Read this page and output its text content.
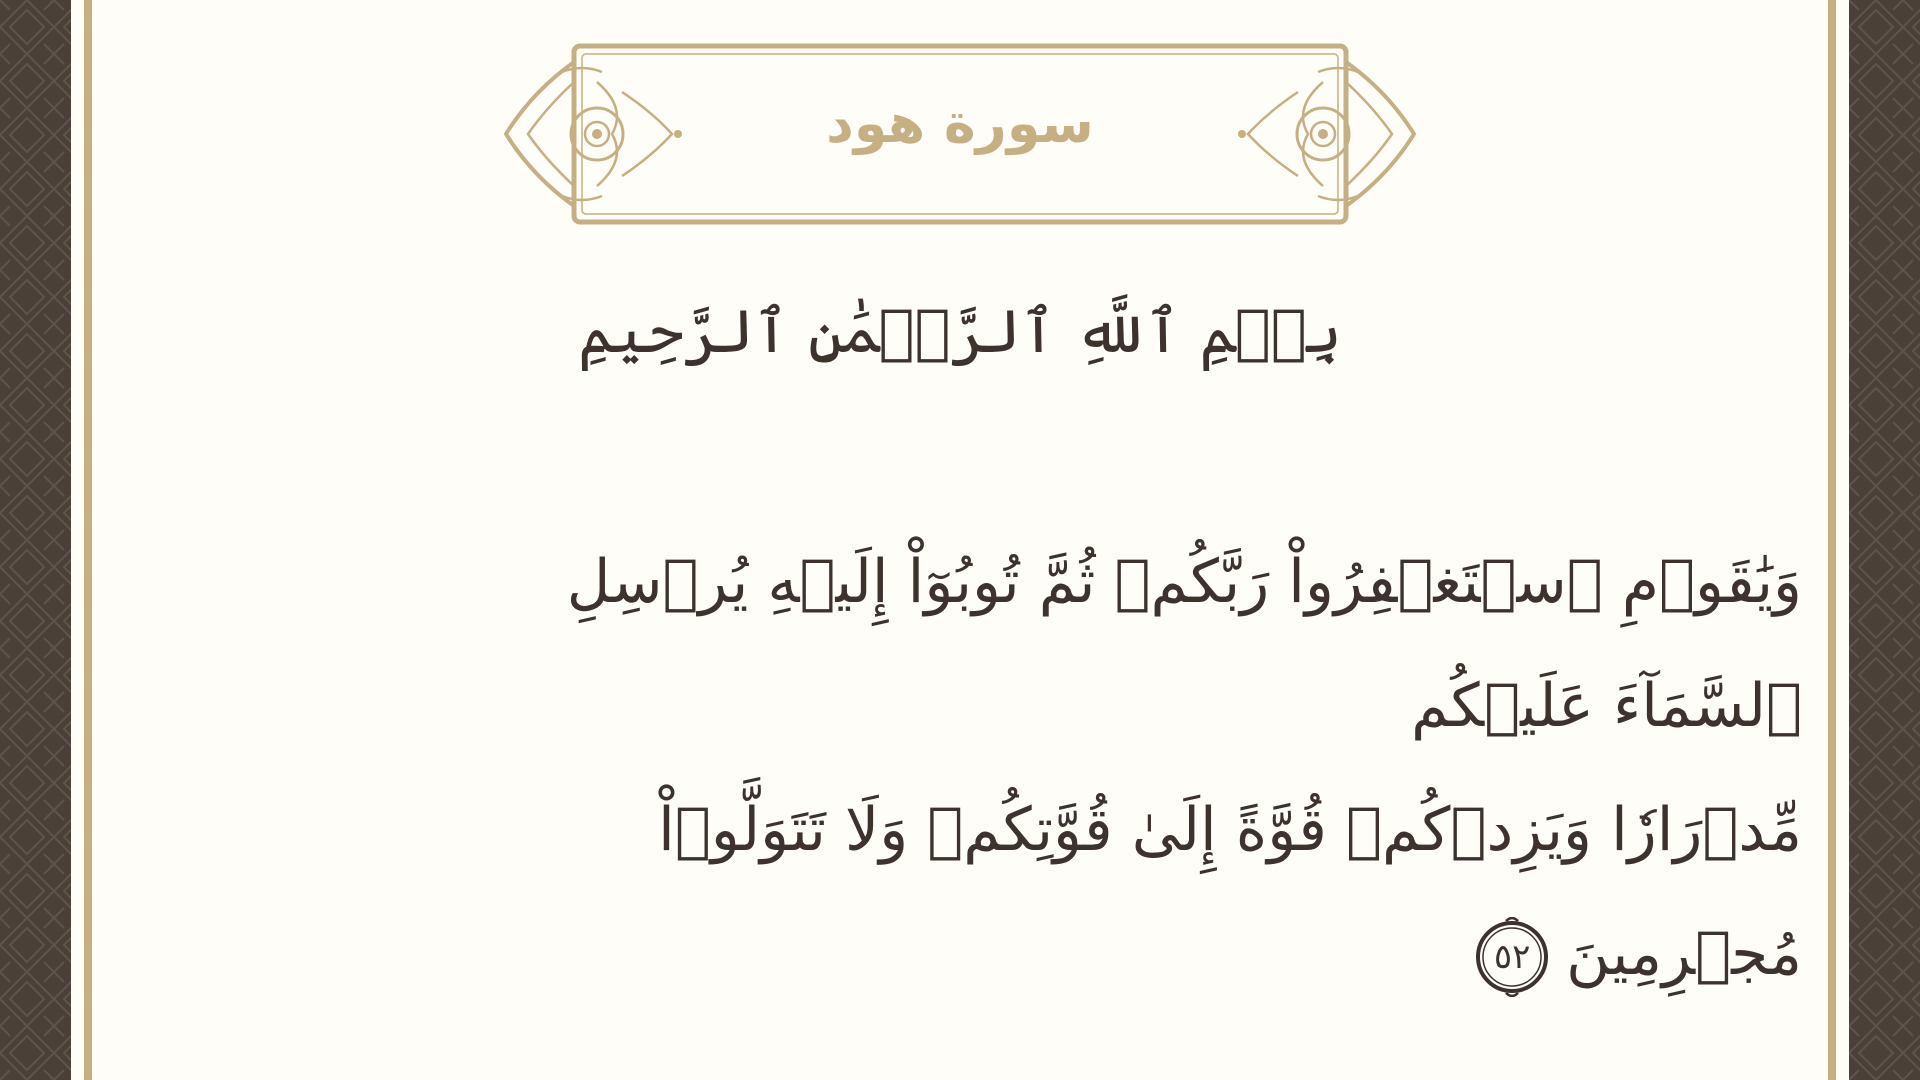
سورة هود
بِسۡمِ ٱللَّهِ ٱلرَّحۡمَٰنِ ٱلرَّحِيمِ
وَيَٰقَوۡمِ ٱسۡتَغۡفِرُواْ رَبَّكُمۡ ثُمَّ تُوبُوٓاْ إِلَيۡهِ يُرۡسِلِ ٱلسَّمَآءَ عَلَيۡكُم
مِّدۡرَارٗا وَيَزِدۡكُمۡ قُوَّةً إِلَىٰ قُوَّتِكُمۡ وَلَا تَتَوَلَّوۡاْ مُجۡرِمِينَ
٥٢
